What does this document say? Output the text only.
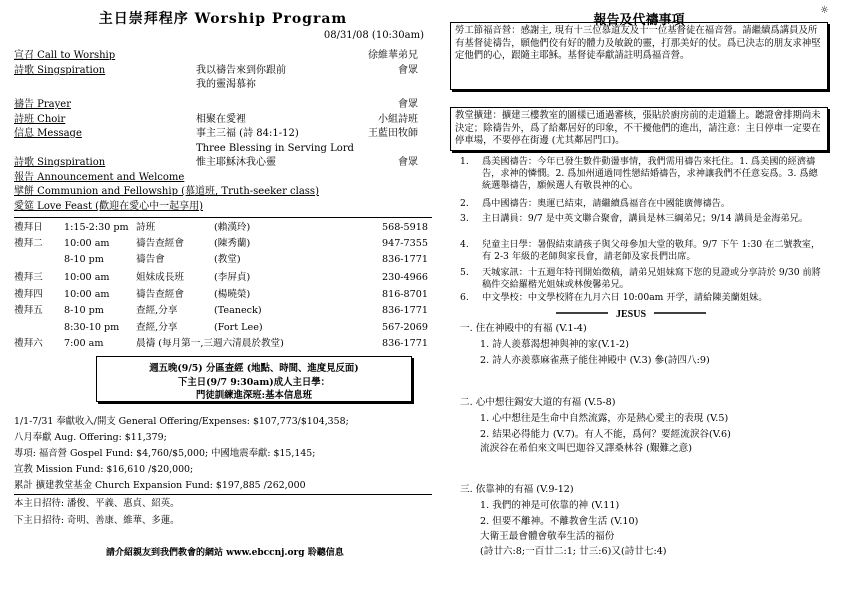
主日崇拜程序 Worship Program
08/31/08 (10:30am)
宣召 Call to Worship	徐維華弟兄
詩歌 Singspiration	我以禱告來到你跟前	會眾
我的靈渴慕祢
禱告 Prayer	會眾
詩班 Choir	相聚在愛裡	小組詩班
信息 Message	事主三福 (詩 84:1-12)	王藍田牧師
Three Blessing in Serving Lord
詩歌 Singspiration	惟主耶穌沐我心靈	會眾
報告 Announcement and Welcome
擘餅 Communion and Fellowship (慕道班, Truth-seeker class)
愛筵 Love Feast (歡迎在愛心中一起享用)
禮拜日 1:15-2:30 pm 詩班	(賴漢玲)	568-5918
禮拜二 10:00 am	禱告查經會	(陳秀蘭)	947-7355
8-10 pm	禱告會	(教堂)	836-1771
禮拜三 10:00 am	姐妹成長班	(李屏貞)	230-4966
禮拜四 10:00 am	禱告查經會	(楊曉榮)	816-8701
禮拜五 8-10 pm	查經,分享	(Teaneck)	836-1771
8:30-10 pm 查經,分享	(Fort Lee)	567-2069
禮拜六 7:00 am	晨禱 (每月第一,三週六清晨於教堂)	836-1771
週五晚(9/5) 分區查經 (地點、時間、進度見反面)
下主日(9/7 9:30am)成人主日學：
門徒訓練進深班:基本信息班
1/1-7/31 奉獻收入/開支 General Offering/Expenses: $107,773/$104,358;
八月奉獻 Aug. Offering: $11,379;
專項: 福音營 Gospel Fund: $4,760/$5,000; 中國地震奉獻: $15,145;
宣教 Mission Fund: $16,610 /$20,000;
累計 擴建教堂基金 Church Expansion Fund: $197,885 /262,000
本主日招待: 潘俊、平義、惠貞、紹英。
下主日招待: 奇明、善康、維華、多蓮。
請介紹親友到我們教會的網站 www.ebccnj.org 聆聽信息
報告及代禱事項
☼
勞工節福音營：感謝主, 現有十三位慕道友及十一位基督徒在福音營。請繼續爲講員及所有基督徒禱告，願他們佼有好的體力及敏銳的靈，打那美好的仗。爲已決志的朋友求神堅定他們的心，跟隨主耶穌。基督徒奉獻請註明爲福音營。
教堂擴建：擴建三樓教室的圖樣已通過審核，張貼於廚房前的走道牆上。聽證會排期尚未決定；除禱告外，爲了給鄰居好的印象，不干擾他們的進出，請注意：主日停車一定要在停車場，不要停在街邊 (尤其鄰居門口)。
1. 爲美國禱告：今年已發生數件動盪事情，我們需用禱告來托住。1. 爲美國的經濟禱告，求神的憐憫。2. 爲加州通過同性戀結婚禱告，求神讓我們不任意妄爲。3. 爲總統選舉禱告，願候選人有敬畏神的心。
2. 爲中國禱告：奧運已結束，請繼續爲福音在中國能廣傳禱告。
3. 主日講員：9/7 是中英文聯合聚會，講員是林三綱弟兄；9/14 講員是金海弟兄。
4. 兒童主日學：暑假結束請孩子與父母參加大堂的敬拜。9/7 下午 1:30 在二號教室，有 2-3 年級的老師與家長會，請老師及家長們出席。
5. 天城家訊：十五週年特刊開始徵稿，請弟兄姐妹寫下您的見證或分享詩於 9/30 前將稿件交給羅楷光姐妹或林俊馨弟兄。
6. 中文學校：中文學校將在九月六日 10:00am 开学，請給陳美蘭姐妹。
JESUS
一. 住在神殿中的有福 (V.1-4)
1. 詩人羨慕渴想神與神的家(V.1-2)
2. 詩人亦羨慕麻雀燕子能住神殿中 (V.3) 參(詩四八:9)
二. 心中想往錫安大道的有福 (V.5-8)
1. 心中想往是生命中自然流露，亦是熱心愛主的表現 (V.5)
2. 結果必得能力 (V.7)。有人不能，爲何？要經流淚谷(V.6)
流淚谷在希伯來文叫巴迦谷又譯桑林谷 (艱難之意)
三. 依靠神的有福 (V.9-12)
1. 我們的神是可依靠的神 (V.11)
2. 但要不離神。不離教會生活 (V.10)
大衛王最會體會敬奉生活的福份
(詩廿六:8;一百廿二:1; 廿三:6)又(詩廿七:4)
